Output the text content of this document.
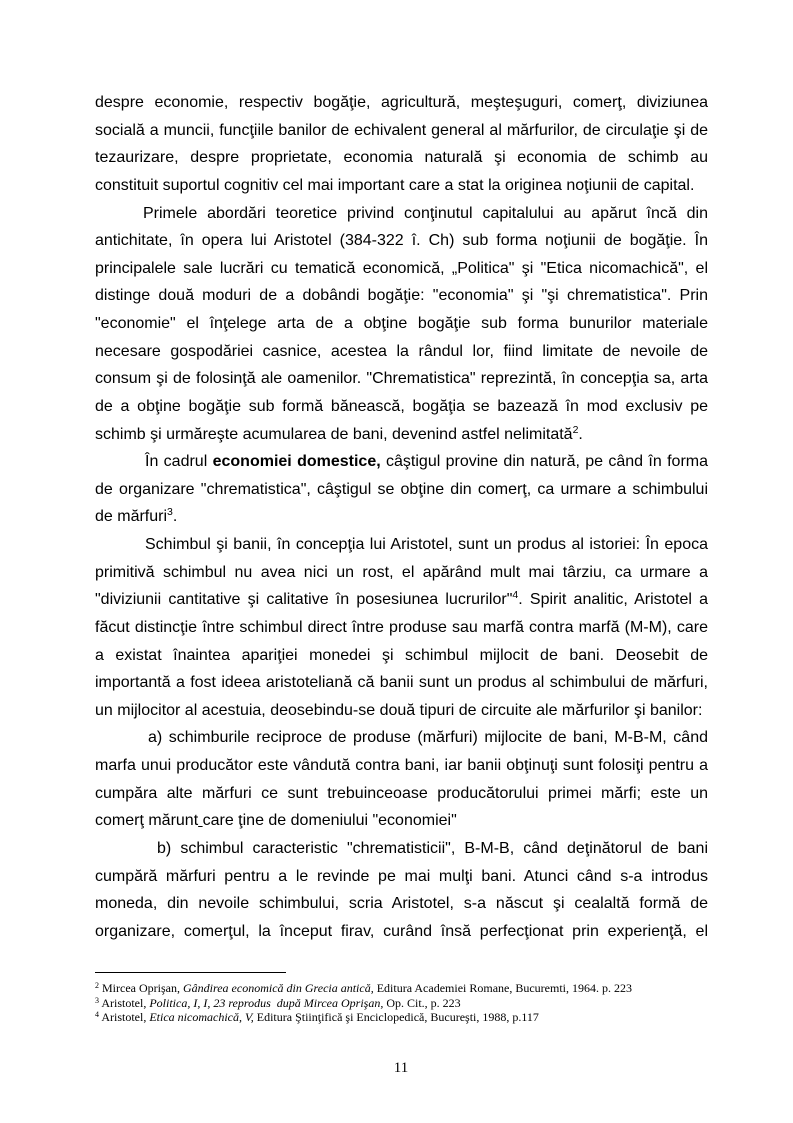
despre economie, respectiv bogăţie, agricultură, meşteşuguri, comerţ, diviziunea
socială a muncii, funcţiile banilor de echivalent general al mărfurilor, de circulaţie şi de
tezaurizare, despre proprietate, economia naturală şi economia de schimb au
constituit suportul cognitiv cel mai important care a stat la originea noţiunii de capital.
Primele abordări teoretice privind conţinutul capitalului au apărut încă din
antichitate, în opera lui Aristotel (384-322 î. Ch) sub forma noţiunii de bogăţie. În
principalele sale lucrări cu tematică economică, „Politica" şi "Etica nicomachică", el
distinge două moduri de a dobândi bogăţie: "economia" şi "şi chrematistica". Prin
"economie" el înţelege arta de a obţine bogăţie sub forma bunurilor materiale
necesare gospodăriei casnice, acestea la rândul lor, fiind limitate de nevoile de
consum şi de folosinţă ale oamenilor. "Chrematistica" reprezintă, în concepţia sa, arta
de a obţine bogăţie sub formă bănească, bogăţia se bazează în mod exclusiv pe
schimb şi urmăreşte acumularea de bani, devenind astfel nelimitată$^2$.
În cadrul economiei domestice, câştigul provine din natură, pe când în forma
de organizare "chrematistica", câştigul se obţine din comerţ, ca urmare a schimbului
de mărfuri$^3$.
Schimbul şi banii, în concepţia lui Aristotel, sunt un produs al istoriei: În epoca
primitivă schimbul nu avea nici un rost, el apărând mult mai târziu, ca urmare a
"diviziunii cantitative şi calitative în posesiunea lucrurilor"$^4$. Spirit analitic, Aristotel a
făcut distincţie între schimbul direct între produse sau marfă contra marfă (M-M), care
a existat înaintea apariţiei monedei şi schimbul mijlocit de bani. Deosebit de
importantă a fost ideea aristoteliană că banii sunt un produs al schimbului de mărfuri,
un mijlocitor al acestuia, deosebindu-se două tipuri de circuite ale mărfurilor şi banilor:
a) schimburile reciproce de produse (mărfuri) mijlocite de bani, M-B-M, când
marfa unui producător este vândută contra bani, iar banii obţinuţi sunt folosiţi pentru a
cumpăra alte mărfuri ce sunt trebuinceoase producătorului primei mărfi; este un
comerţ mărunt care ţine de domeniului "economiei"
b) schimbul caracteristic "chrematisticii", B-M-B, când deţinătorul de bani
cumpără mărfuri pentru a le revinde pe mai mulţi bani. Atunci când s-a introdus
moneda, din nevoile schimbului, scria Aristotel, s-a născut şi cealaltă formă de
organizare, comerţul, la început firav, curând însă perfecţionat prin experienţă, el
$^2$ Mircea Oprişan, Gândirea economică din Grecia antică, Editura Academiei Romane, Bucuremti, 1964. p. 223
$^3$ Aristotel, Politica, I, I, 23 reprodus  după Mircea Oprişan, Op. Cit., p. 223
$^4$ Aristotel, Etica nicomachică, V, Editura Ştiinţifică şi Enciclopedică, Bucureşti, 1988, p.117
11
